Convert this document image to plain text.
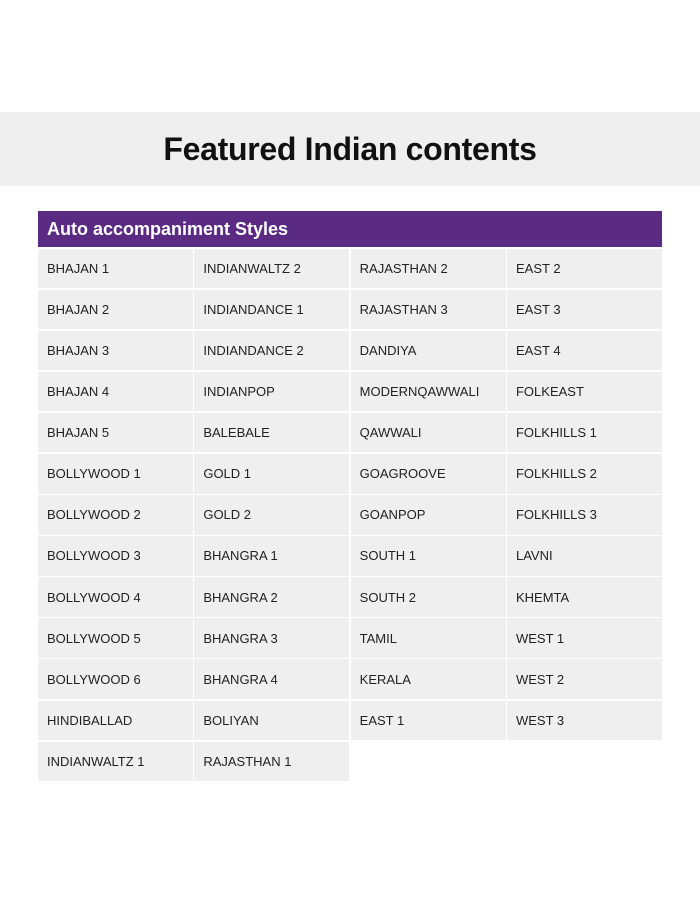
Featured Indian contents
Auto accompaniment Styles
BHAJAN 1	INDIANWALTZ 2	RAJASTHAN 2	EAST 2
BHAJAN 2	INDIANDANCE 1	RAJASTHAN 3	EAST 3
BHAJAN 3	INDIANDANCE 2	DANDIYA	EAST 4
BHAJAN 4	INDIANPOP	MODERNQAWWALI	FOLKEAST
BHAJAN 5	BALEBALE	QAWWALI	FOLKHILLS 1
BOLLYWOOD 1	GOLD 1	GOAGROOVE	FOLKHILLS 2
BOLLYWOOD 2	GOLD 2	GOANPOP	FOLKHILLS 3
BOLLYWOOD 3	BHANGRA 1	SOUTH 1	LAVNI
BOLLYWOOD 4	BHANGRA 2	SOUTH 2	KHEMTA
BOLLYWOOD 5	BHANGRA 3	TAMIL	WEST 1
BOLLYWOOD 6	BHANGRA 4	KERALA	WEST 2
HINDIBALLAD	BOLIYAN	EAST 1	WEST 3
INDIANWALTZ 1	RAJASTHAN 1
